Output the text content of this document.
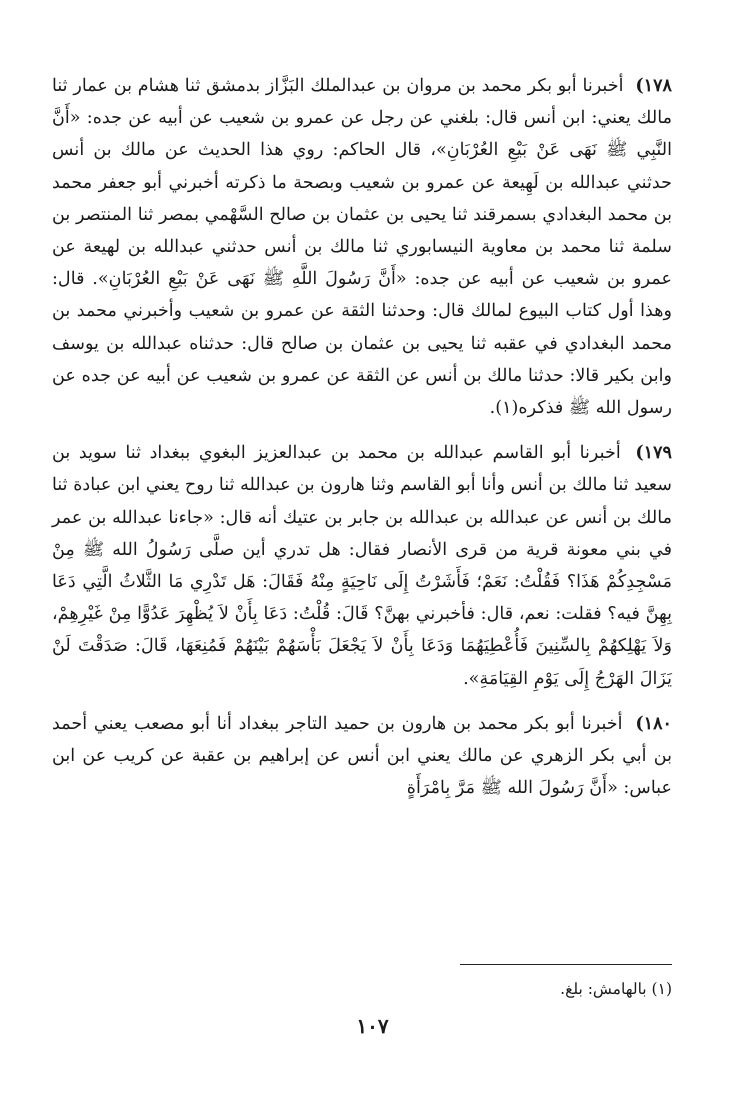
١٧٨) أخبرنا أبو بكر محمد بن مروان بن عبدالملك البَزَّاز بدمشق ثنا هشام بن عمار ثنا مالك يعني: ابن أنس قال: بلغني عن رجل عن عمرو بن شعيب عن أبيه عن جده: «أَنَّ النَّبِي ﷺ نَهَى عَنْ بَيْعِ العُرْبَانِ»، قال الحاكم: روي هذا الحديث عن مالك بن أنس حدثني عبدالله بن لَهِيعة عن عمرو بن شعيب وبصحة ما ذكرته أخبرني أبو جعفر محمد بن محمد البغدادي بسمرقند ثنا يحيى بن عثمان بن صالح السَّهْمي بمصر ثنا المنتصر بن سلمة ثنا محمد بن معاوية النيسابوري ثنا مالك بن أنس حدثني عبدالله بن لهيعة عن عمرو بن شعيب عن أبيه عن جده: «أَنَّ رَسُولَ اللَّهِ ﷺ نَهَى عَنْ بَيْعِ العُرْبَانِ». قال: وهذا أول كتاب البيوع لمالك قال: وحدثنا الثقة عن عمرو بن شعيب وأخبرني محمد بن محمد البغدادي في عقبه ثنا يحيى بن عثمان بن صالح قال: حدثناه عبدالله بن يوسف وابن بكير قالا: حدثنا مالك بن أنس عن الثقة عن عمرو بن شعيب عن أبيه عن جده عن رسول الله ﷺ فذكره(١).

١٧٩) أخبرنا أبو القاسم عبدالله بن محمد بن عبدالعزيز البغوي ببغداد ثنا سويد بن سعيد ثنا مالك بن أنس وأنا أبو القاسم وثنا هارون بن عبدالله ثنا روح يعني ابن عبادة ثنا مالك بن أنس عن عبدالله بن عبدالله بن جابر بن عتيك أنه قال: «جاءنا عبدالله بن عمر في بني معونة قرية من قرى الأنصار فقال: هل تدري أين صلَّى رَسُولُ الله ﷺ مِنْ مَسْجِدِكُمْ هَذَا؟ فَقُلْتُ: نَعَمْ؛ فَأَشَرْتُ إِلَى نَاحِيَةٍ مِنْهُ فَقَالَ: هَل تَدْرِي مَا الثَّلاثُ الَّتِي دَعَا بِهِنَّ فيه؟ فقلت: نعم، قال: فأخبرني بهنَّ؟ قَالَ: قُلْتُ: دَعَا بِأَنْ لاَ يُظْهِرَ عَدُوًّا مِنْ غَيْرِهِمْ، وَلاَ يَهْلِكهُمْ بِالسِّنِينَ فَأُعْطِيَهُمَا وَدَعَا بِأَنْ لاَ يَجْعَلَ بَأْسَهُمْ بَيْنَهُمْ فَمُنِعَهَا، قَالَ: صَدَقْتَ لَنْ يَزَالَ الهَرْجُ إِلَى يَوْمِ القِيَامَةِ».

١٨٠) أخبرنا أبو بكر محمد بن هارون بن حميد التاجر ببغداد أنا أبو مصعب يعني أحمد بن أبي بكر الزهري عن مالك يعني ابن أنس عن إبراهيم بن عقبة عن كريب عن ابن عباس: «أَنَّ رَسُولَ الله ﷺ مَرَّ بِامْرَأَةٍ

(١) بالهامش: بلغ.
١٠٧
